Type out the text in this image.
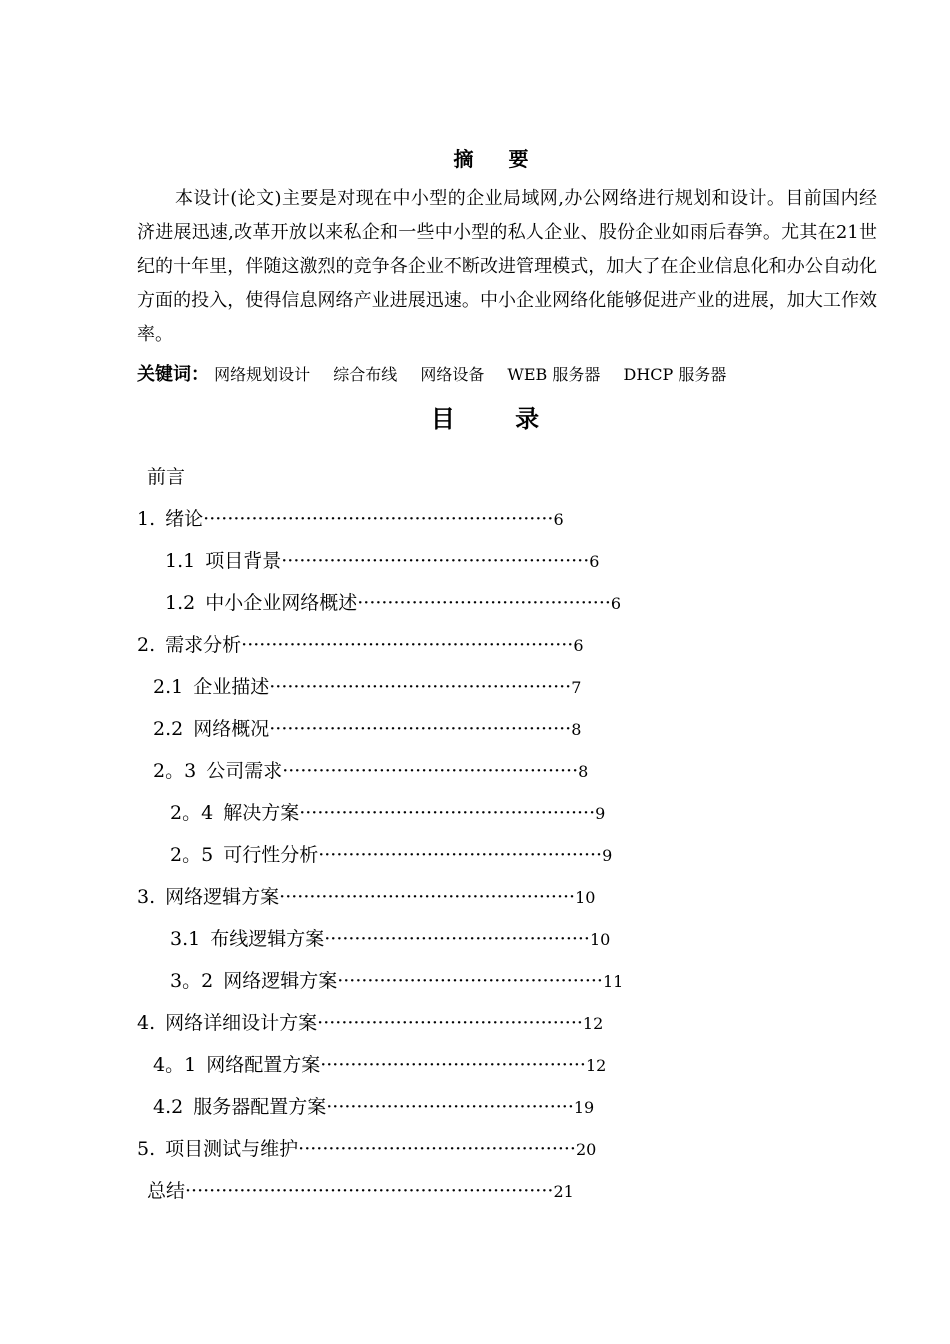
摘 要

本设计(论文)主要是对现在中小型的企业局域网,办公网络进行规划和设计。目前国内经济进展迅速,改革开放以来私企和一些中小型的私人企业、股份企业如雨后春笋。尤其在21世纪的十年里，伴随这激烈的竞争各企业不断改进管理模式，加大了在企业信息化和办公自动化方面的投入，使得信息网络产业进展迅速。中小企业网络化能够促进产业的进展，加大工作效率。

关键词： 网络规划设计 综合布线 网络设备 WEB 服务器 DHCP 服务器
目 录
前言
1. 绪论··························································6
1.1 项目背景···················································6
1.2 中小企业网络概述··········································6
2. 需求分析·······················································6
2.1 企业描述··················································7
2.2 网络概况··················································8
2。3 公司需求·················································8
2。4 解决方案·················································9
2。5 可行性分析···············································9
3. 网络逻辑方案·················································10
3.1 布线逻辑方案············································10
3。2 网络逻辑方案············································11
4. 网络详细设计方案············································12
4。1 网络配置方案············································12
4.2 服务器配置方案·········································19
5. 项目测试与维护··············································20
总结·····························································21
